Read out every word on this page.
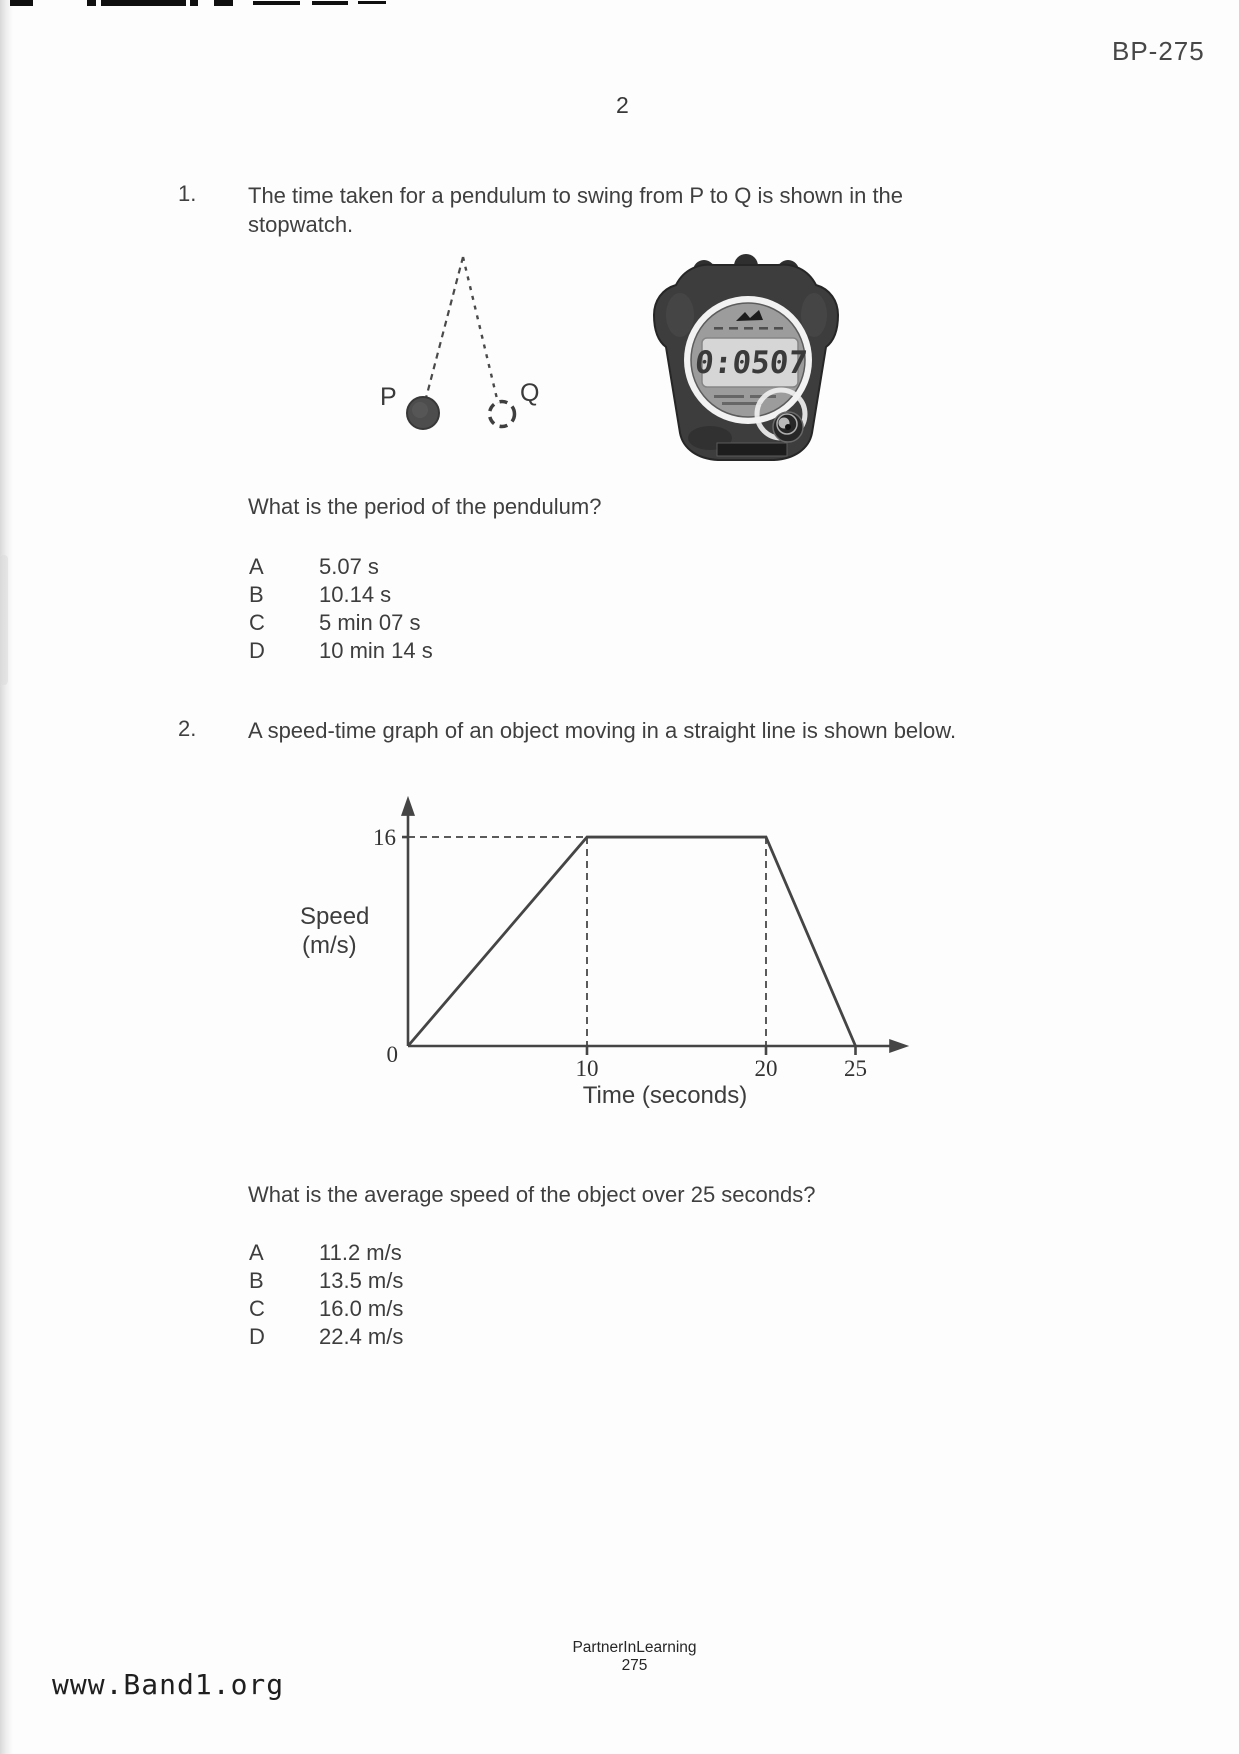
BP-275
2
1. The time taken for a pendulum to swing from P to Q is shown in the
stopwatch.
P	Q
0:0507
What is the period of the pendulum?
A	5.07 s
B	10.14 s
C 5 min 07 s
D 10 min 14 s
2. A speed-time graph of an object moving in a straight line is shown below.
10	20	25
0
16
Speed
(m/s)
Time (seconds)
What is the average speed of the object over 25 seconds?
A	11.2 m/s
B	13.5 m/s
C 16.0 m/s
D 22.4 m/s
PartnerInLearning
275
www.Band1.org
